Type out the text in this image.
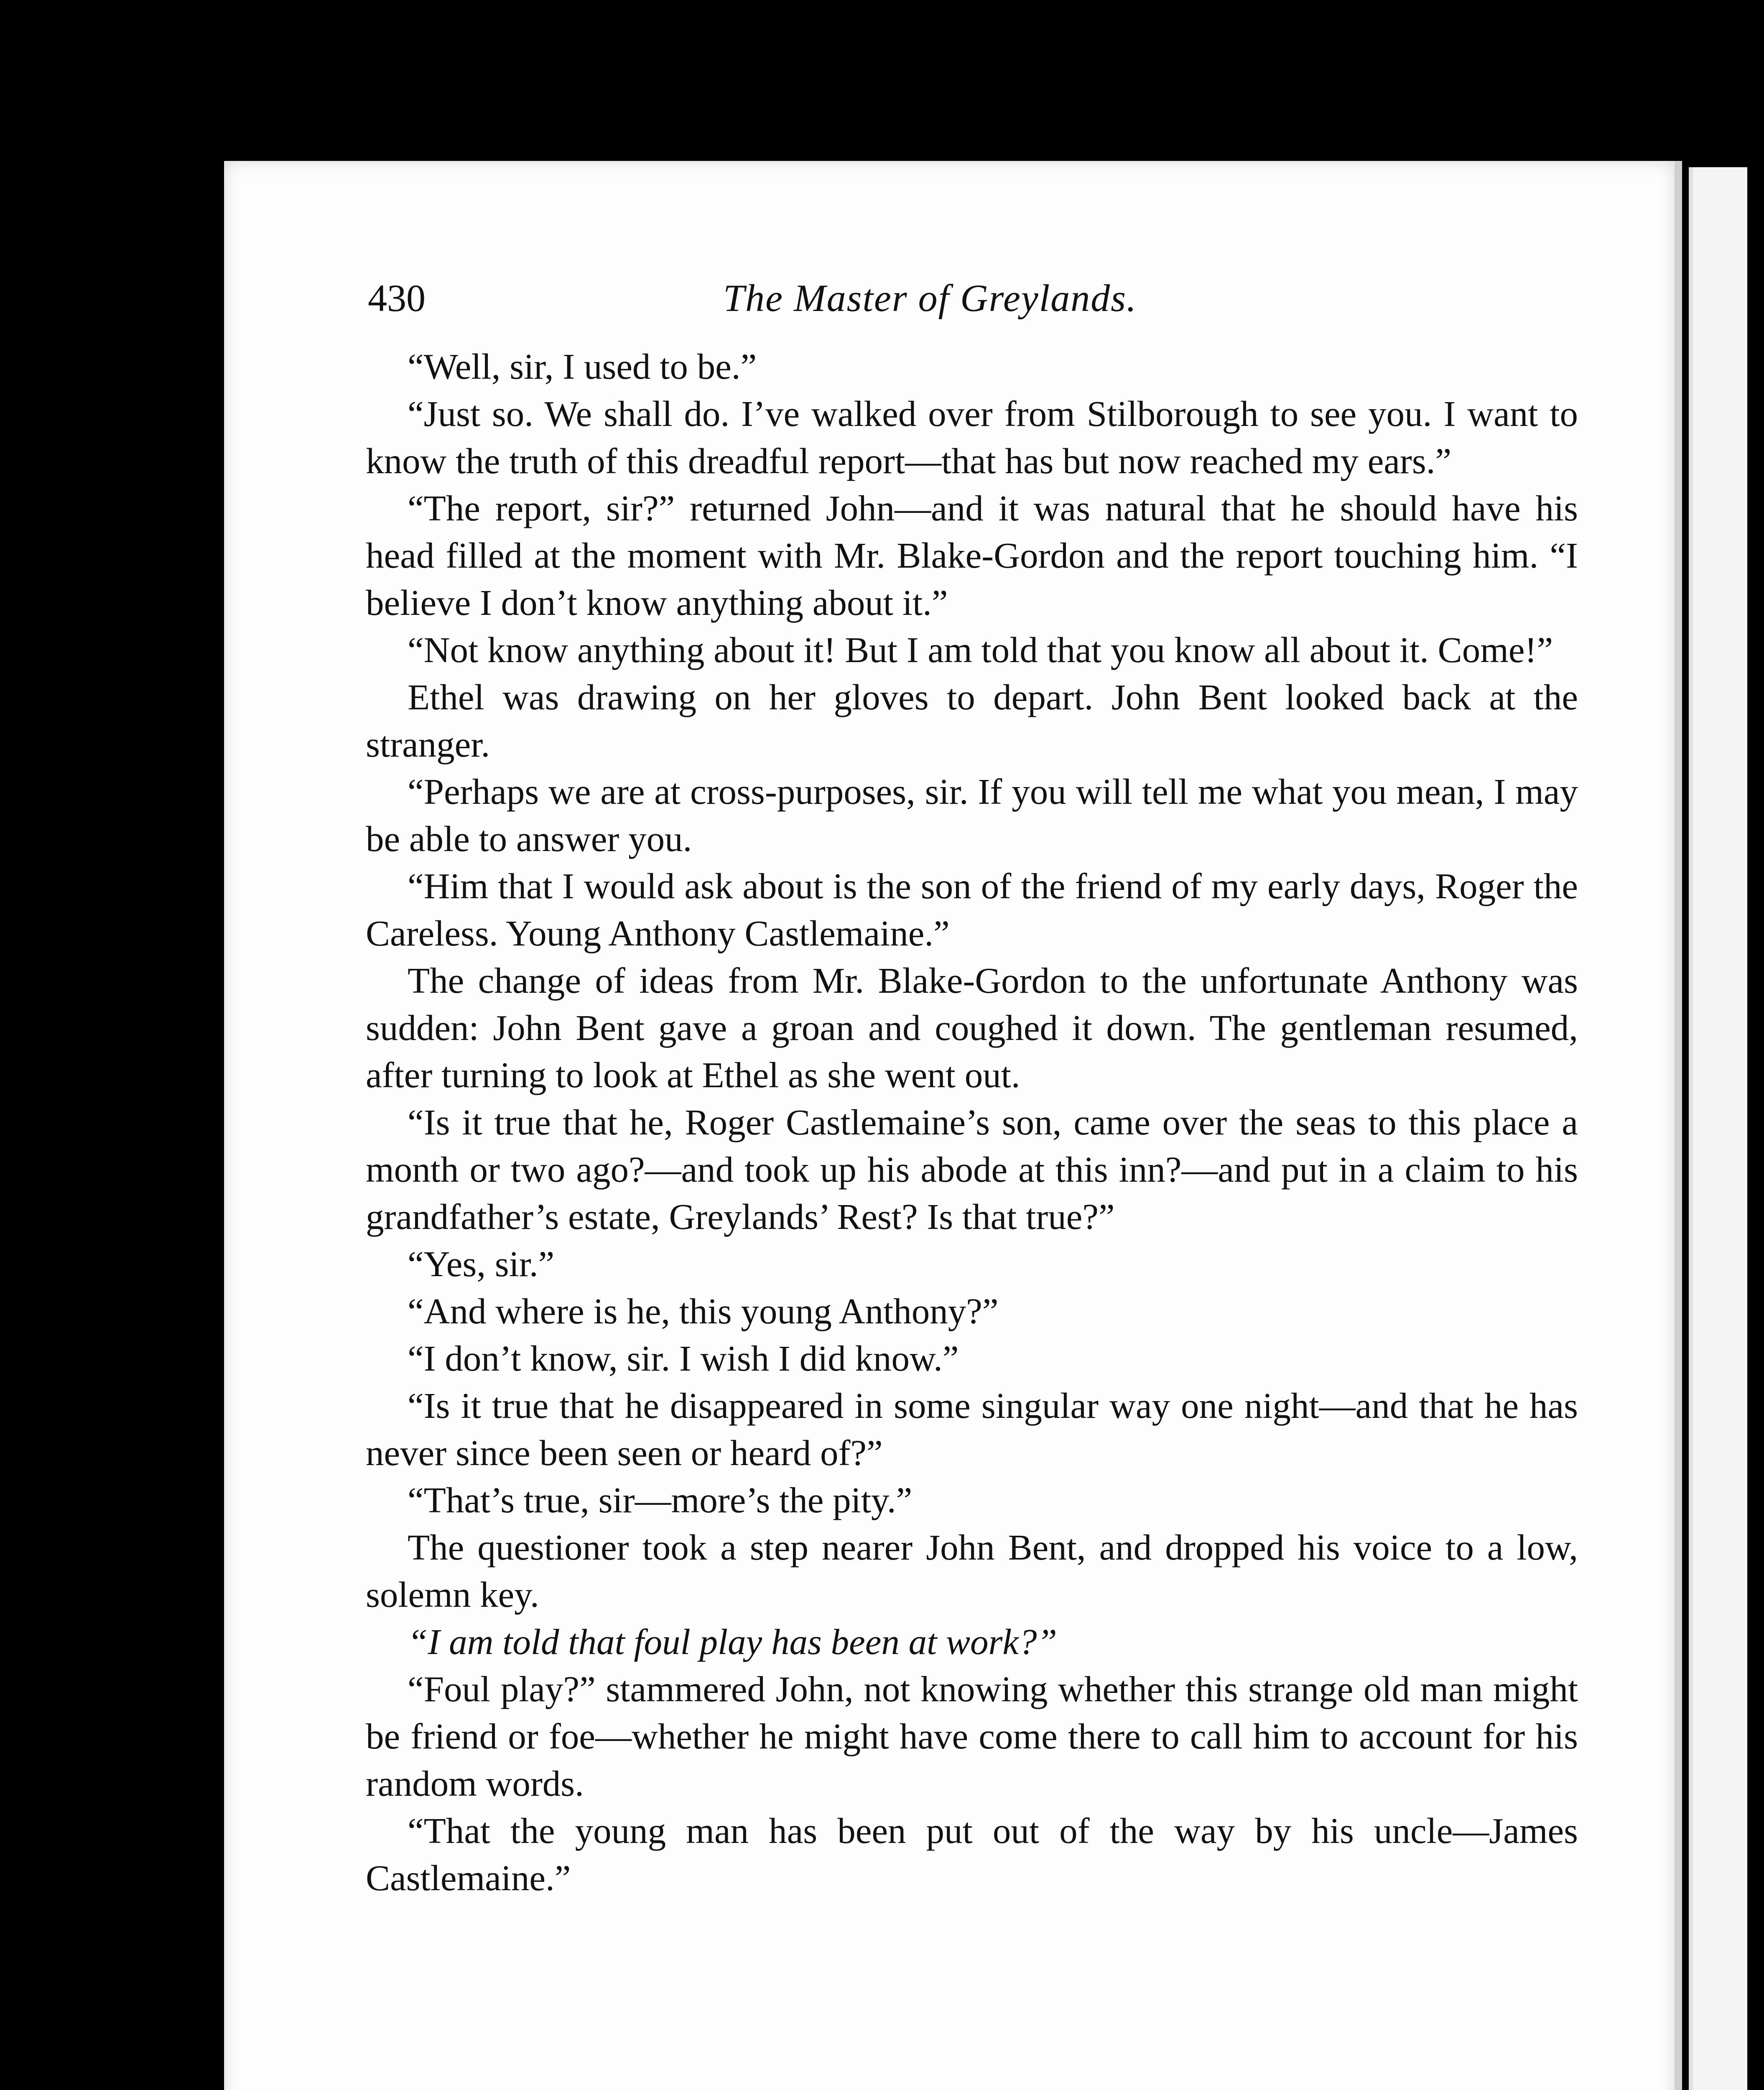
430	The Master of Greylands.

“Well, sir, I used to be.”

“Just so. We shall do. I’ve walked over from Stilborough to see you. I want to know the truth of this dreadful report—that has but now reached my ears.”

“The report, sir?” returned John—and it was natural that he should have his head filled at the moment with Mr. Blake-Gordon and the report touching him. “I believe I don’t know anything about it.”

“Not know anything about it! But I am told that you know all about it. Come!”

Ethel was drawing on her gloves to depart. John Bent looked back at the stranger.

“Perhaps we are at cross-purposes, sir. If you will tell me what you mean, I may be able to answer you.

“Him that I would ask about is the son of the friend of my early days, Roger the Careless. Young Anthony Castlemaine.”

The change of ideas from Mr. Blake-Gordon to the unfortunate Anthony was sudden: John Bent gave a groan and coughed it down. The gentleman resumed, after turning to look at Ethel as she went out.

“Is it true that he, Roger Castlemaine’s son, came over the seas to this place a month or two ago?—and took up his abode at this inn?—and put in a claim to his grandfather’s estate, Greylands’ Rest? Is that true?”

“Yes, sir.”

“And where is he, this young Anthony?”

“I don’t know, sir. I wish I did know.”

“Is it true that he disappeared in some singular way one night—and that he has never since been seen or heard of?”

“That’s true, sir—more’s the pity.”

The questioner took a step nearer John Bent, and dropped his voice to a low, solemn key.

“I am told that foul play has been at work?”

“Foul play?” stammered John, not knowing whether this strange old man might be friend or foe—whether he might have come there to call him to account for his random words.

“That the young man has been put out of the way by his uncle—James Castlemaine.”
